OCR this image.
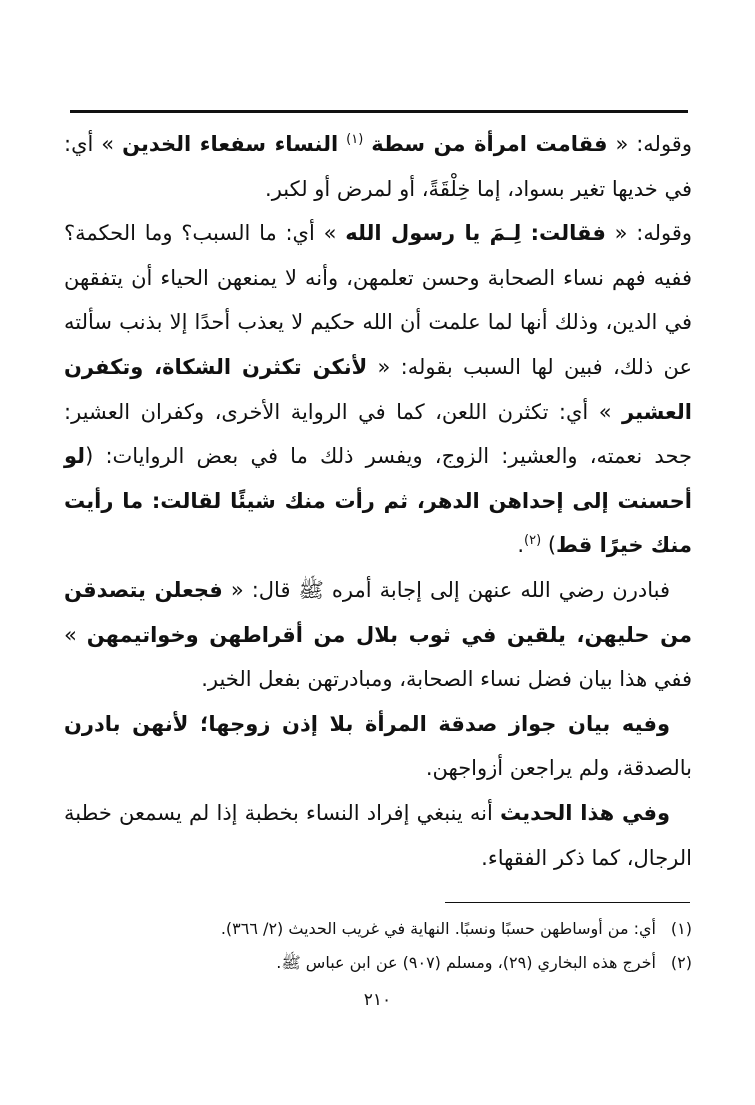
وقوله: « فقامت امرأة من سطة $^{(١)}$ النساء سفعاء الخدين » أي: في خديها تغير بسواد، إما خِلْقَةً، أو لمرض أو لكبر.

وقوله: « فقالت: لِـمَ يا رسول الله » أي: ما السبب؟ وما الحكمة؟ ففيه فهم نساء الصحابة وحسن تعلمهن، وأنه لا يمنعهن الحياء أن يتفقهن في الدين، وذلك أنها لما علمت أن الله حكيم لا يعذب أحدًا إلا بذنب سألته عن ذلك، فبين لها السبب بقوله: « لأنكن تكثرن الشكاة، وتكفرن العشير » أي: تكثرن اللعن، كما في الرواية الأخرى، وكفران العشير: جحد نعمته، والعشير: الزوج، ويفسر ذلك ما في بعض الروايات: (لو أحسنت إلى إحداهن الدهر، ثم رأت منك شيئًا لقالت: ما رأيت منك خيرًا قط) $^{(٢)}$.

فبادرن رضي الله عنهن إلى إجابة أمره ﷺ قال: « فجعلن يتصدقن من حليهن، يلقين في ثوب بلال من أقراطهن وخواتيمهن » ففي هذا بيان فضل نساء الصحابة، ومبادرتهن بفعل الخير.

وفيه بيان جواز صدقة المرأة بلا إذن زوجها؛ لأنهن بادرن بالصدقة، ولم يراجعن أزواجهن.

وفي هذا الحديث أنه ينبغي إفراد النساء بخطبة إذا لم يسمعن خطبة الرجال، كما ذكر الفقهاء.

(١)أي: من أوساطهن حسبًا ونسبًا. النهاية في غريب الحديث (٢/ ٣٦٦).

(٢)أخرج هذه البخاري (٢٩)، ومسلم (٩٠٧) عن ابن عباس ﷺ.

٢١٠
